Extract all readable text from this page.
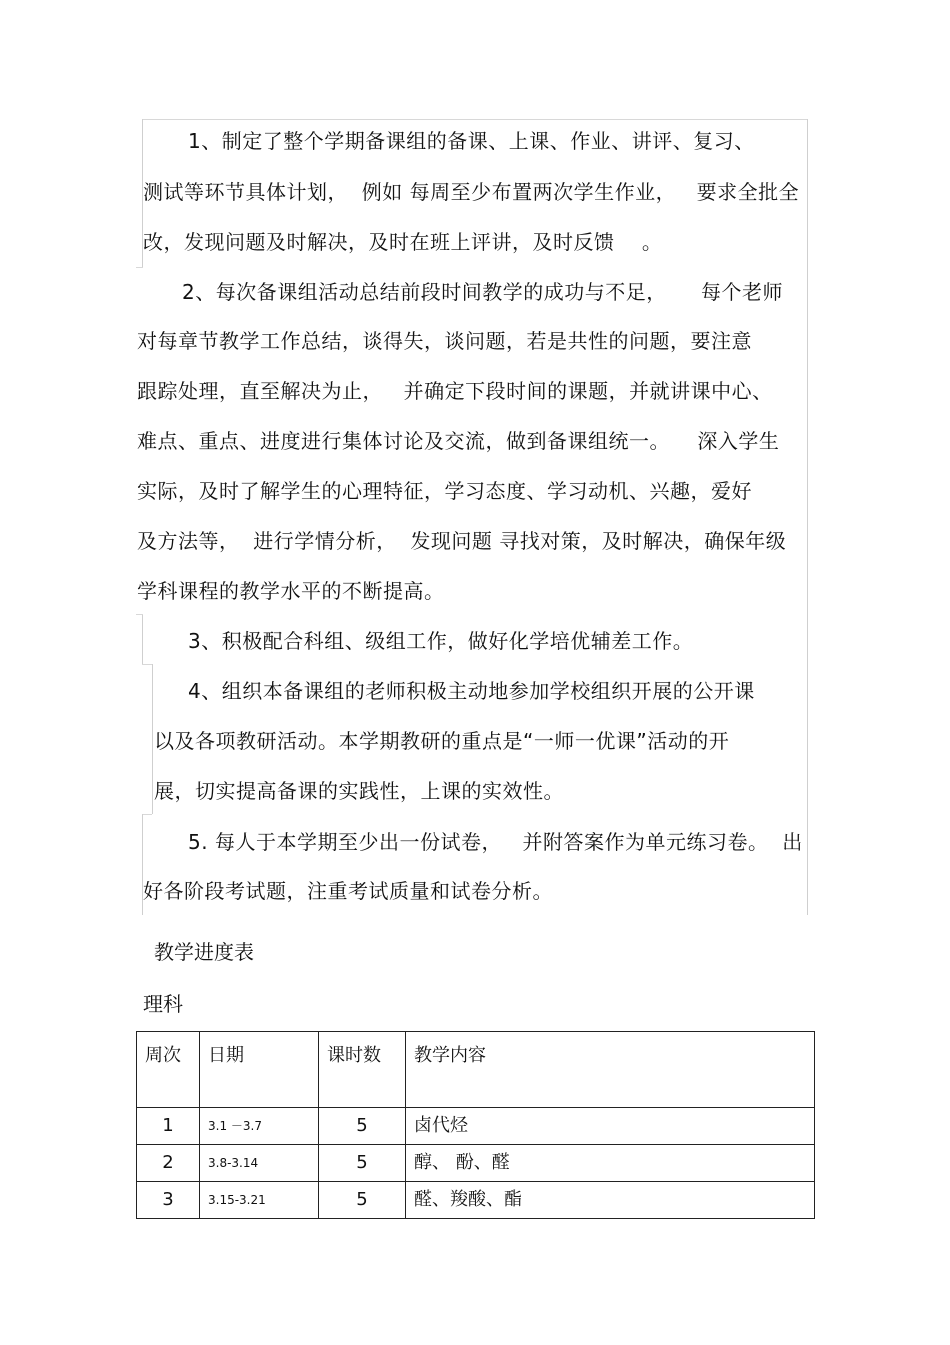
1、制定了整个学期备课组的备课、上课、作业、讲评、复习、
测试等环节具体计划，  例如 每周至少布置两次学生作业，   要求全批全
改，发现问题及时解决，及时在班上评讲，及时反馈    。
2、每次备课组活动总结前段时间教学的成功与不足，     每个老师
对每章节教学工作总结，谈得失，谈问题，若是共性的问题，要注意
跟踪处理，直至解决为止，   并确定下段时间的课题，并就讲课中心、
难点、重点、进度进行集体讨论及交流，做到备课组统一。    深入学生
实际，及时了解学生的心理特征，学习态度、学习动机、兴趣，爱好
及方法等，  进行学情分析，  发现问题 寻找对策，及时解决，确保年级
学科课程的教学水平的不断提高。
3、积极配合科组、级组工作，做好化学培优辅差工作。
4、组织本备课组的老师积极主动地参加学校组织开展的公开课
以及各项教研活动。本学期教研的重点是“一师一优课”活动的开
展，切实提高备课的实践性，上课的实效性。
5. 每人于本学期至少出一份试卷，   并附答案作为单元练习卷。  出
好各阶段考试题，注重考试质量和试卷分析。
教学进度表
理科
周次	日期	课时数	教学内容
1	3.1 －3.7	5	卤代烃
2	3.8-3.14	5	醇、 酚、醛
3	3.15-3.21	5	醛、羧酸、酯
